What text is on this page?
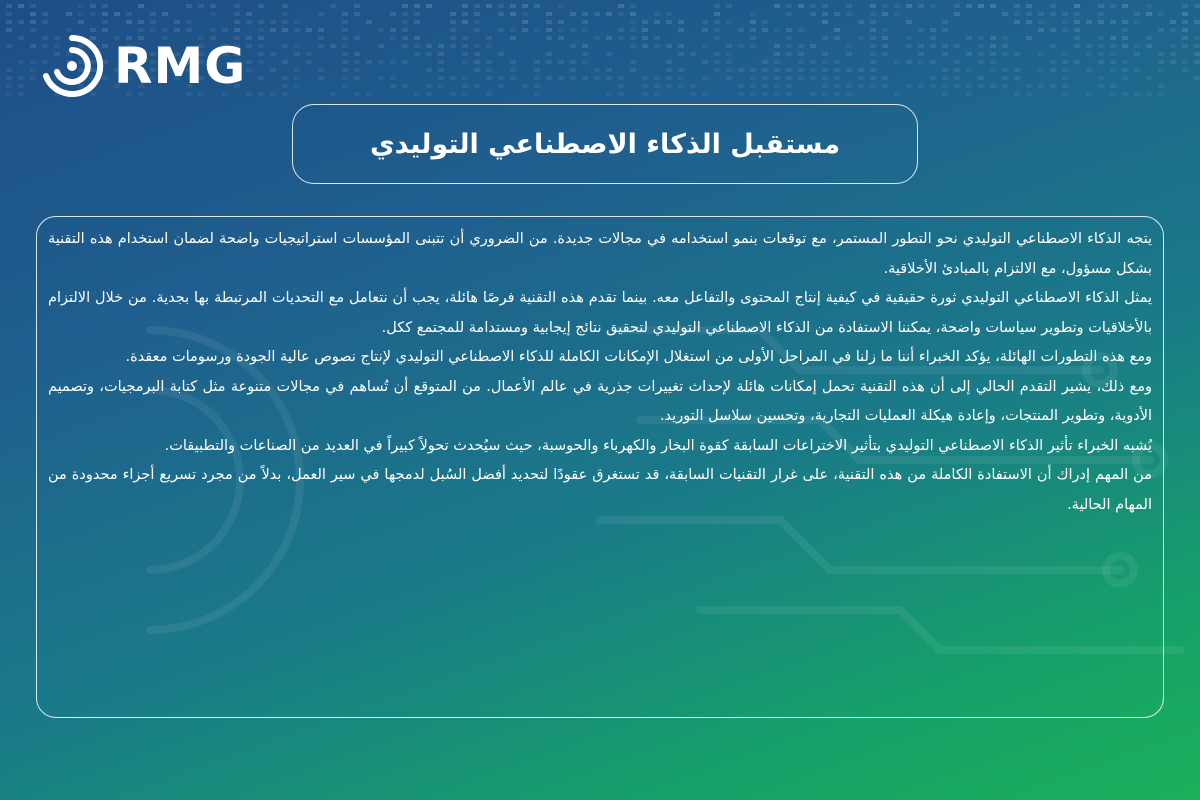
RMG
مستقبل الذكاء الاصطناعي التوليدي

يتجه الذكاء الاصطناعي التوليدي نحو التطور المستمر، مع توقعات بنمو استخدامه في مجالات جديدة. من الضروري أن تتبنى المؤسسات استراتيجيات واضحة لضمان استخدام هذه التقنية بشكل مسؤول، مع الالتزام بالمبادئ الأخلاقية.

يمثل الذكاء الاصطناعي التوليدي ثورة حقيقية في كيفية إنتاج المحتوى والتفاعل معه. بينما تقدم هذه التقنية فرصًا هائلة، يجب أن نتعامل مع التحديات المرتبطة بها بجدية. من خلال الالتزام بالأخلاقيات وتطوير سياسات واضحة، يمكننا الاستفادة من الذكاء الاصطناعي التوليدي لتحقيق نتائج إيجابية ومستدامة للمجتمع ككل.

ومع هذه التطورات الهائلة، يؤكد الخبراء أننا ما زلنا في المراحل الأولى من استغلال الإمكانات الكاملة للذكاء الاصطناعي التوليدي لإنتاج نصوص عالية الجودة ورسومات معقدة.

ومع ذلك، يشير التقدم الحالي إلى أن هذه التقنية تحمل إمكانات هائلة لإحداث تغييرات جذرية في عالم الأعمال. من المتوقع أن تُساهم في مجالات متنوعة مثل كتابة البرمجيات، وتصميم الأدوية، وتطوير المنتجات، وإعادة هيكلة العمليات التجارية، وتحسين سلاسل التوريد.

يُشبه الخبراء تأثير الذكاء الاصطناعي التوليدي بتأثير الاختراعات السابقة كقوة البخار والكهرباء والحوسبة، حيث سيُحدث تحولاً كبيراً في العديد من الصناعات والتطبيقات.

من المهم إدراك أن الاستفادة الكاملة من هذه التقنية، على غرار التقنيات السابقة، قد تستغرق عقودًا لتحديد أفضل السُبل لدمجها في سير العمل، بدلاً من مجرد تسريع أجزاء محدودة من المهام الحالية.
